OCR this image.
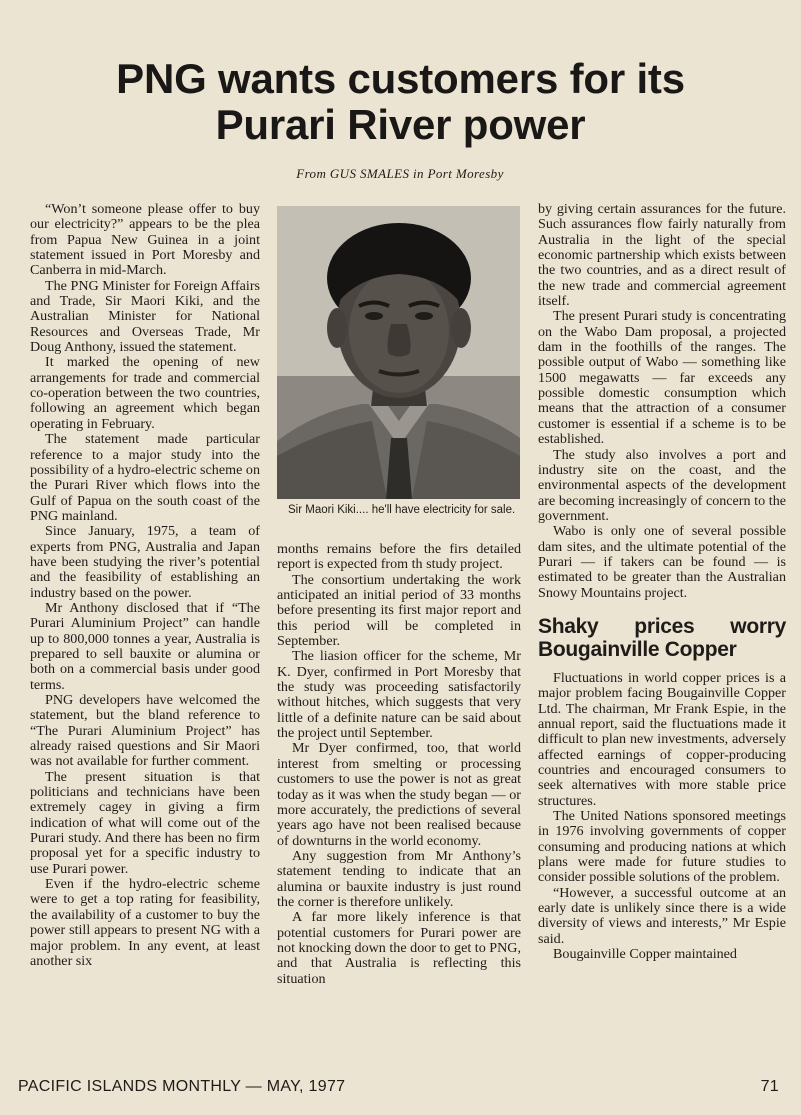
PNG wants customers for its
Purari River power
From GUS SMALES in Port Moresby

“Won’t someone please offer to buy our electricity?” appears to be the plea from Papua New Guinea in a joint statement issued in Port Moresby and Canberra in mid-March.

The PNG Minister for Foreign Affairs and Trade, Sir Maori Kiki, and the Australian Minister for National Resources and Overseas Trade, Mr Doug Anthony, issued the statement.

It marked the opening of new arrangements for trade and commercial co-operation between the two countries, following an agreement which began operating in February.

The statement made particular reference to a major study into the possibility of a hydro-electric scheme on the Purari River which flows into the Gulf of Papua on the south coast of the PNG mainland.

Since January, 1975, a team of experts from PNG, Australia and Japan have been studying the river’s potential and the feasibility of establishing an industry based on the power.

Mr Anthony disclosed that if “The Purari Aluminium Project” can handle up to 800,000 tonnes a year, Australia is prepared to sell bauxite or alumina or both on a commercial basis under good terms.

PNG developers have welcomed the statement, but the bland reference to “The Purari Aluminium Project” has already raised questions and Sir Maori was not available for further comment.

The present situation is that politicians and technicians have been extremely cagey in giving a firm indication of what will come out of the Purari study. And there has been no firm proposal yet for a specific industry to use Purari power.

Even if the hydro-electric scheme were to get a top rating for feasibility, the availability of a customer to buy the power still appears to present NG with a major problem. In any event, at least another six

Sir Maori Kiki.... he'll have electricity for sale.

months remains before the firs detailed report is expected from th study project.

The consortium undertaking the work anticipated an initial period of 33 months before presenting its first major report and this period will be completed in September.

The liasion officer for the scheme, Mr K. Dyer, confirmed in Port Moresby that the study was proceeding satisfactorily without hitches, which suggests that very little of a definite nature can be said about the project until September.

Mr Dyer confirmed, too, that world interest from smelting or processing customers to use the power is not as great today as it was when the study began — or more accurately, the predictions of several years ago have not been realised because of downturns in the world economy.

Any suggestion from Mr Anthony’s statement tending to indicate that an alumina or bauxite industry is just round the corner is therefore unlikely.

A far more likely inference is that potential customers for Purari power are not knocking down the door to get to PNG, and that Australia is reflecting this situation

by giving certain assurances for the future. Such assurances flow fairly naturally from Australia in the light of the special economic partnership which exists between the two countries, and as a direct result of the new trade and commercial agreement itself.

The present Purari study is concentrating on the Wabo Dam proposal, a projected dam in the foothills of the ranges. The possible output of Wabo — something like 1500 megawatts — far exceeds any possible domestic consumption which means that the attraction of a consumer customer is essential if a scheme is to be established.

The study also involves a port and industry site on the coast, and the environmental aspects of the development are becoming increasingly of concern to the government.

Wabo is only one of several possible dam sites, and the ultimate potential of the Purari — if takers can be found — is estimated to be greater than the Australian Snowy Mountains project.

Shaky prices worry Bougainville Copper

Fluctuations in world copper prices is a major problem facing Bougainville Copper Ltd. The chairman, Mr Frank Espie, in the annual report, said the fluctuations made it difficult to plan new investments, adversely affected earnings of copper-producing countries and encouraged consumers to seek alternatives with more stable price structures.

The United Nations sponsored meetings in 1976 involving governments of copper consuming and producing nations at which plans were made for future studies to consider possible solutions of the problem.

“However, a successful outcome at an early date is unlikely since there is a wide diversity of views and interests,” Mr Espie said.

Bougainville Copper maintained

PACIFIC ISLANDS MONTHLY — MAY, 1977	71
